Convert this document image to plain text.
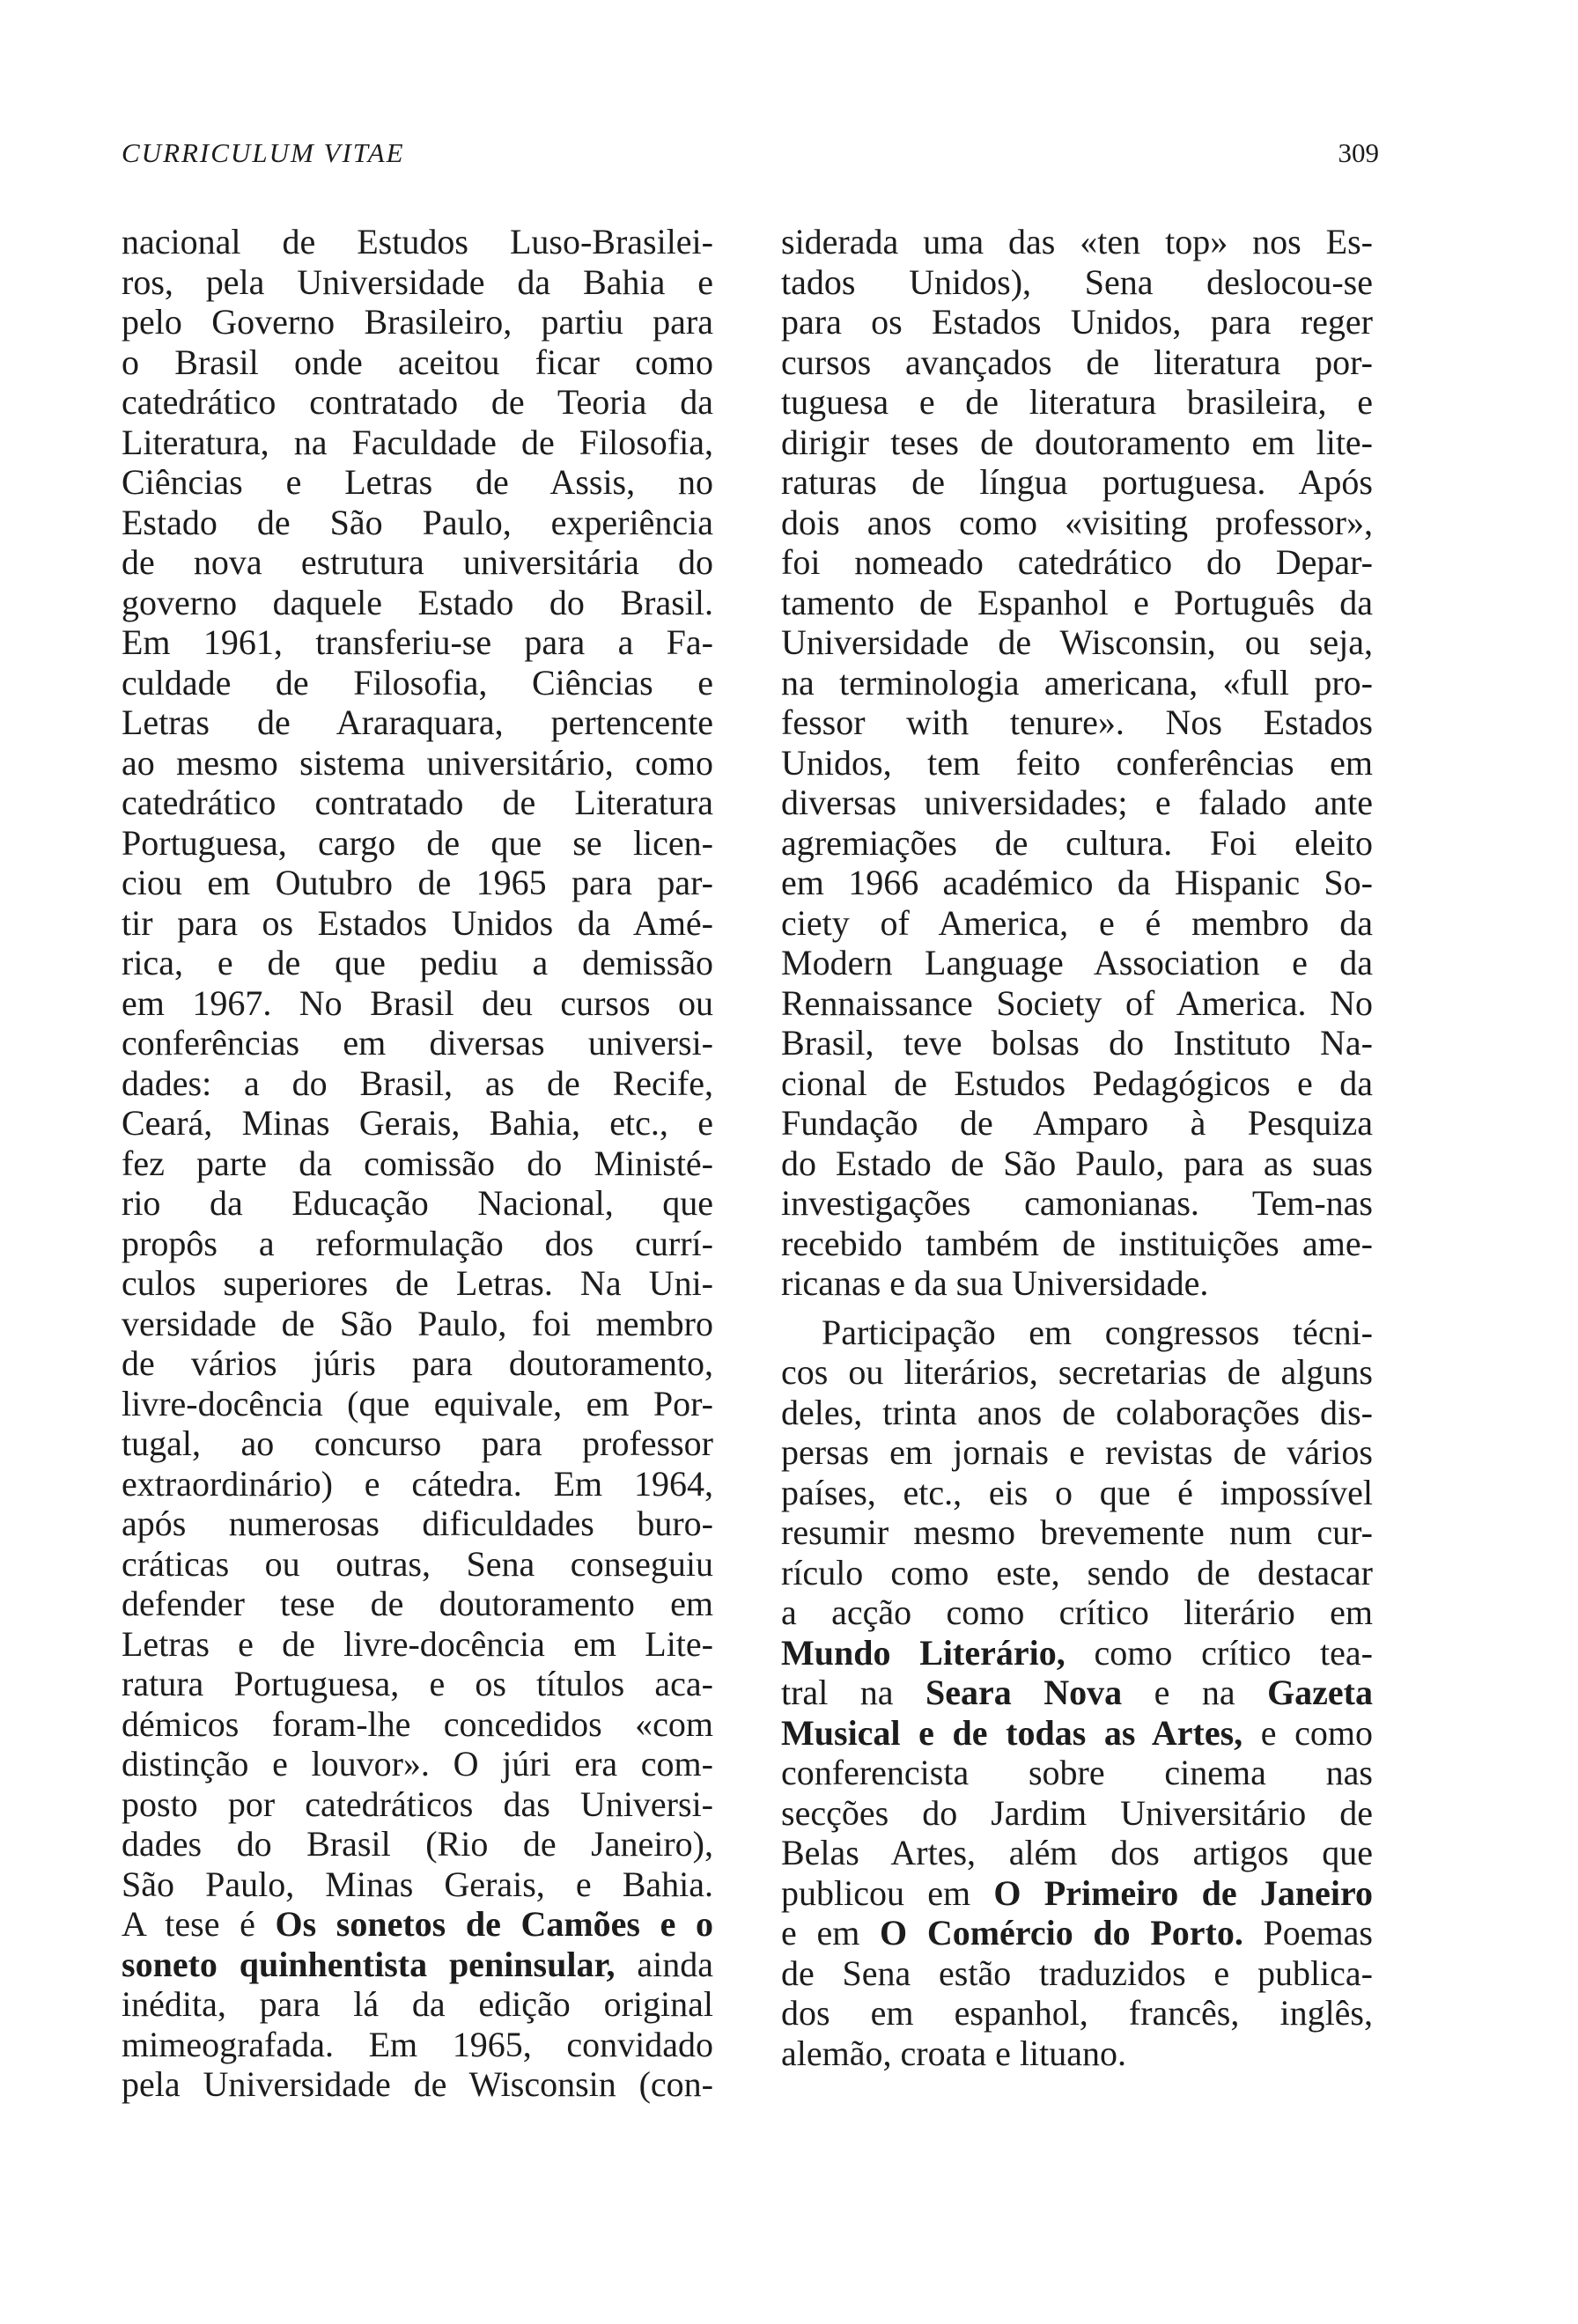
CURRICULUM VITAE	309

nacional de Estudos Luso-Brasilei-
ros, pela Universidade da Bahia e
pelo Governo Brasileiro, partiu para
o Brasil onde aceitou ficar como
catedrático contratado de Teoria da
Literatura, na Faculdade de Filosofia,
Ciências e Letras de Assis, no
Estado de São Paulo, experiência
de nova estrutura universitária do
governo daquele Estado do Brasil.
Em 1961, transferiu-se para a Fa-
culdade de Filosofia, Ciências e
Letras de Araraquara, pertencente
ao mesmo sistema universitário, como
catedrático contratado de Literatura
Portuguesa, cargo de que se licen-
ciou em Outubro de 1965 para par-
tir para os Estados Unidos da Amé-
rica, e de que pediu a demissão
em 1967. No Brasil deu cursos ou
conferências em diversas universi-
dades: a do Brasil, as de Recife,
Ceará, Minas Gerais, Bahia, etc., e
fez parte da comissão do Ministé-
rio da Educação Nacional, que
propôs a reformulação dos currí-
culos superiores de Letras. Na Uni-
versidade de São Paulo, foi membro
de vários júris para doutoramento,
livre-docência (que equivale, em Por-
tugal, ao concurso para professor
extraordinário) e cátedra. Em 1964,
após numerosas dificuldades buro-
cráticas ou outras, Sena conseguiu
defender tese de doutoramento em
Letras e de livre-docência em Lite-
ratura Portuguesa, e os títulos aca-
démicos foram-lhe concedidos «com
distinção e louvor». O júri era com-
posto por catedráticos das Universi-
dades do Brasil (Rio de Janeiro),
São Paulo, Minas Gerais, e Bahia.
A tese é Os sonetos de Camões e o
soneto quinhentista peninsular, ainda
inédita, para lá da edição original
mimeografada. Em 1965, convidado
pela Universidade de Wisconsin (con-

siderada uma das «ten top» nos Es-
tados Unidos), Sena deslocou-se
para os Estados Unidos, para reger
cursos avançados de literatura por-
tuguesa e de literatura brasileira, e
dirigir teses de doutoramento em lite-
raturas de língua portuguesa. Após
dois anos como «visiting professor»,
foi nomeado catedrático do Depar-
tamento de Espanhol e Português da
Universidade de Wisconsin, ou seja,
na terminologia americana, «full pro-
fessor with tenure». Nos Estados
Unidos, tem feito conferências em
diversas universidades; e falado ante
agremiações de cultura. Foi eleito
em 1966 académico da Hispanic So-
ciety of America, e é membro da
Modern Language Association e da
Rennaissance Society of America. No
Brasil, teve bolsas do Instituto Na-
cional de Estudos Pedagógicos e da
Fundação de Amparo à Pesquiza
do Estado de São Paulo, para as suas
investigações camonianas. Tem-nas
recebido também de instituições ame-
ricanas e da sua Universidade.

Participação em congressos técni-
cos ou literários, secretarias de alguns
deles, trinta anos de colaborações dis-
persas em jornais e revistas de vários
países, etc., eis o que é impossível
resumir mesmo brevemente num cur-
rículo como este, sendo de destacar
a acção como crítico literário em
Mundo Literário, como crítico tea-
tral na Seara Nova e na Gazeta
Musical e de todas as Artes, e como
conferencista sobre cinema nas
secções do Jardim Universitário de
Belas Artes, além dos artigos que
publicou em O Primeiro de Janeiro
e em O Comércio do Porto. Poemas
de Sena estão traduzidos e publica-
dos em espanhol, francês, inglês,
alemão, croata e lituano.
